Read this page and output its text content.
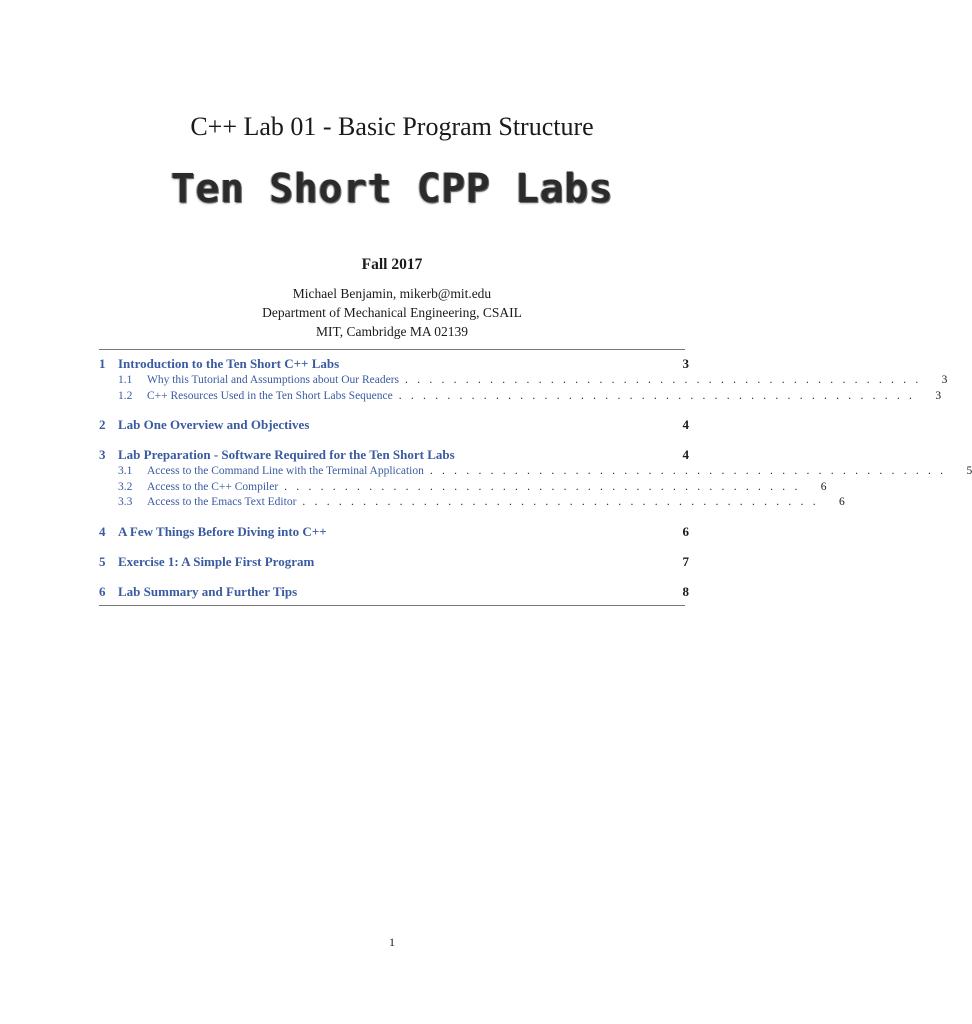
C++ Lab 01 - Basic Program Structure
Ten Short CPP Labs
Fall 2017
Michael Benjamin, mikerb@mit.edu
Department of Mechanical Engineering, CSAIL
MIT, Cambridge MA 02139
1 Introduction to the Ten Short C++ Labs	3
1.1	Why this Tutorial and Assumptions about Our Readers . . . . . . . . . . . . . . . . . . . . . . . . . . . . . . . . . . . . . . . . . . .	3
1.2	C++ Resources Used in the Ten Short Labs Sequence . . . . . . . . . . . . . . . . . . . . . . . . . . . . . . . . . . . . . . . . . . .	3
2 Lab One Overview and Objectives	4
3 Lab Preparation - Software Required for the Ten Short Labs	4
3.1	Access to the Command Line with the Terminal Application . . . . . . . . . . . . . . . . . . . . . . . . . . . . . . . . . . . . . . . . . . .	5
3.2	Access to the C++ Compiler . . . . . . . . . . . . . . . . . . . . . . . . . . . . . . . . . . . . . . . . . . .	6
3.3	Access to the Emacs Text Editor . . . . . . . . . . . . . . . . . . . . . . . . . . . . . . . . . . . . . . . . . . .	6
4 A Few Things Before Diving into C++	6
5 Exercise 1: A Simple First Program	7
6 Lab Summary and Further Tips	8
1
